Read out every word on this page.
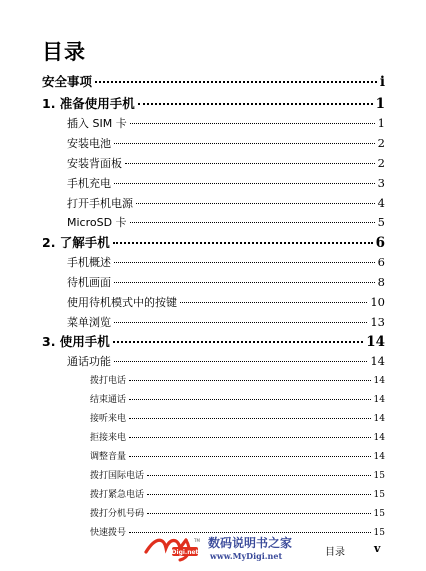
目录
安全事项	i
1. 准备使用手机	1
插入 SIM 卡	1
安装电池	2
安装背面板	2
手机充电	3
打开手机电源	4
MicroSD 卡	5
2. 了解手机	6
手机概述	6
待机画面	8
使用待机模式中的按键	10
菜单浏览	13
3. 使用手机	14
通话功能	14
拨打电话	14
结束通话	14
接听来电	14
拒接来电	14
调整音量	14
拨打国际电话	15
拨打紧急电话	15
拨打分机号码	15
快速拨号	15
Digi.net
TM 数码说明书之家
www.MyDigi.net	目录	v
